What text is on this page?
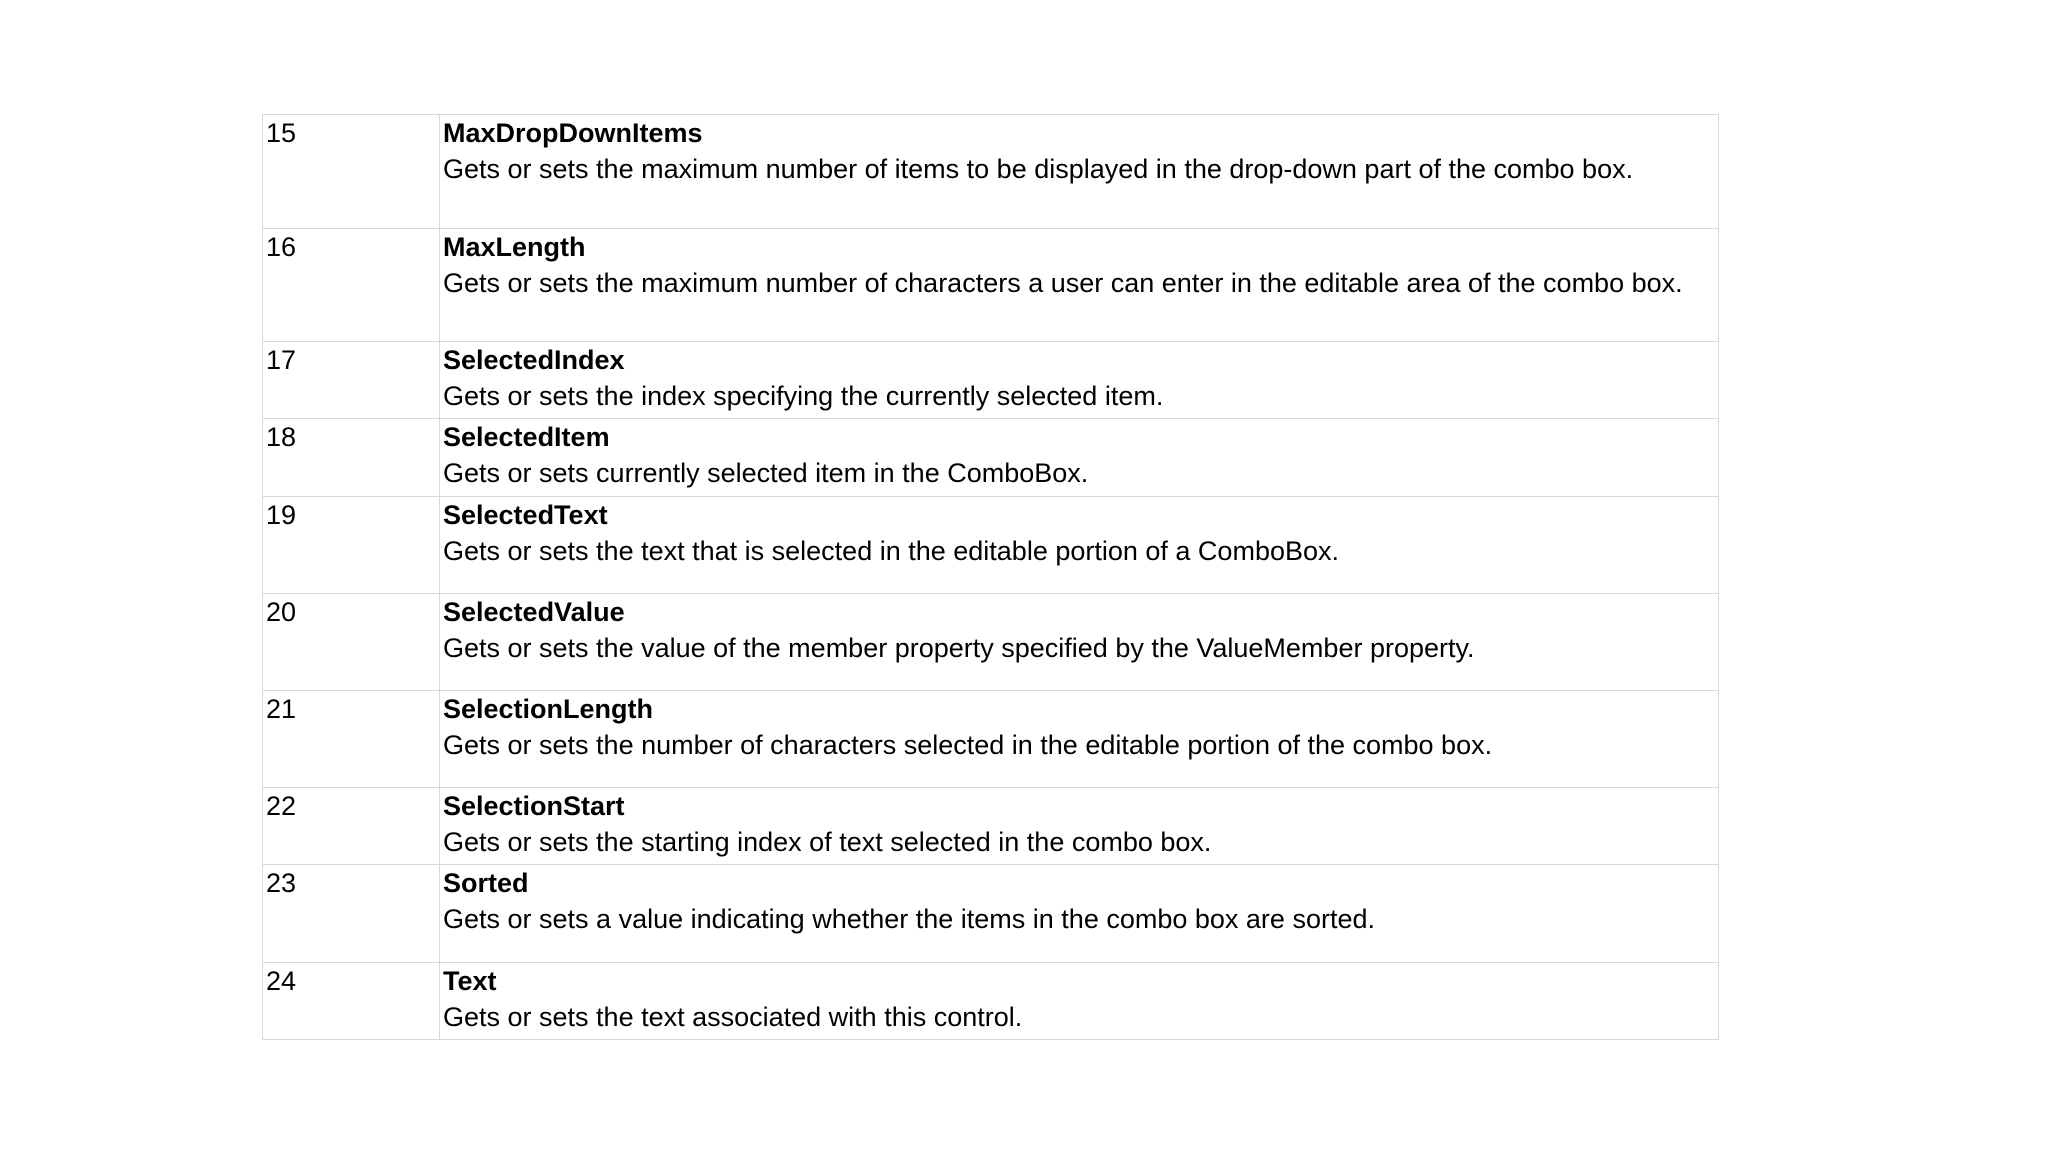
15	MaxDropDownItems
Gets or sets the maximum number of items to be displayed in the drop-down part of the combo box.

16	MaxLength
Gets or sets the maximum number of characters a user can enter in the editable area of the combo box.

17	SelectedIndex
Gets or sets the index specifying the currently selected item.

18	SelectedItem
Gets or sets currently selected item in the ComboBox.

19	SelectedText
Gets or sets the text that is selected in the editable portion of a ComboBox.

20	SelectedValue
Gets or sets the value of the member property specified by the ValueMember property.

21	SelectionLength
Gets or sets the number of characters selected in the editable portion of the combo box.

22	SelectionStart
Gets or sets the starting index of text selected in the combo box.

23	Sorted
Gets or sets a value indicating whether the items in the combo box are sorted.

24	Text
Gets or sets the text associated with this control.
